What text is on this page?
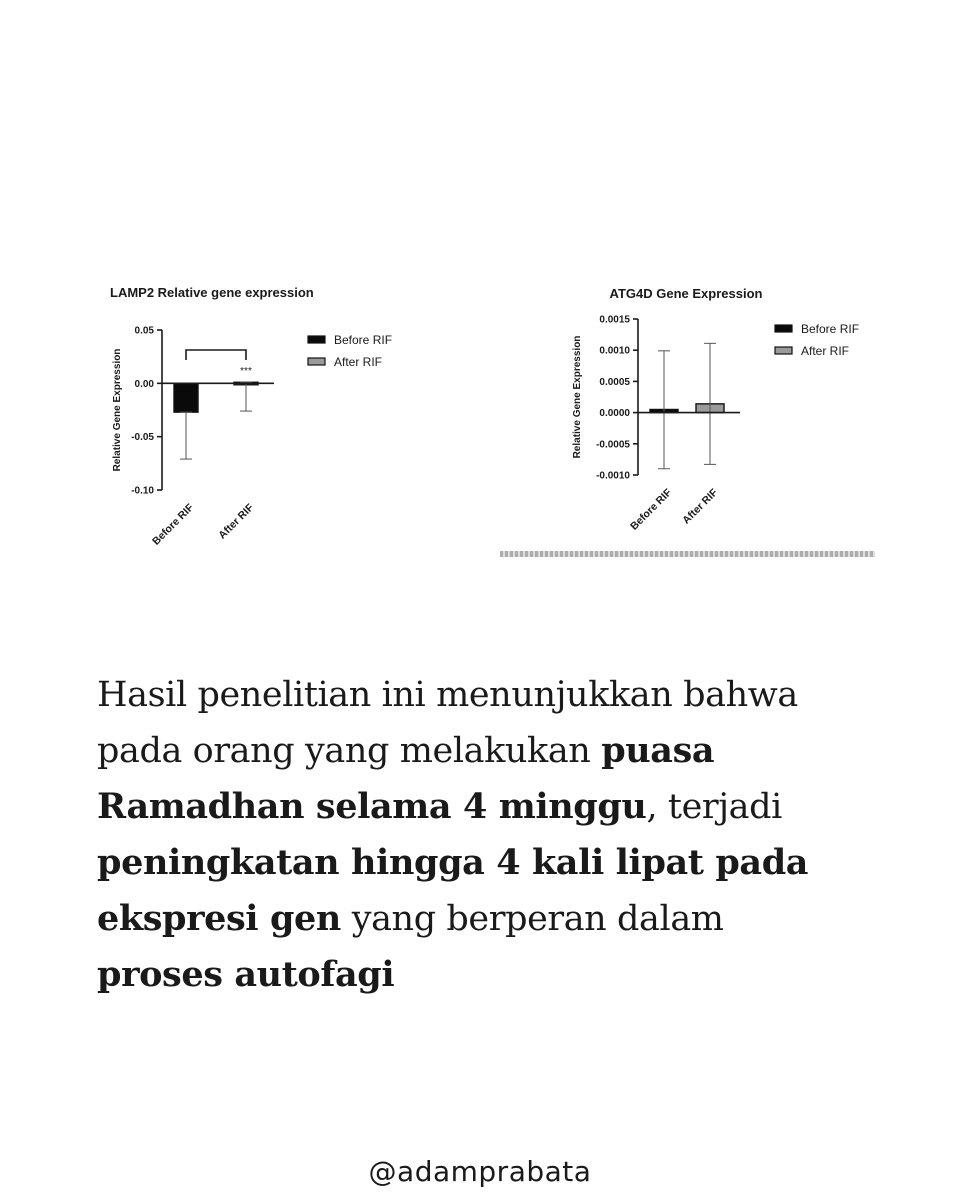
LAMP2 Relative gene expression
Relative Gene Expression
0.05
0.00
-0.05
-0.10
Before RIF After RIF
Before RIF
After RIF
***
ATG4D Gene Expression
Relative Gene Expression
0.0015
0.0010
0.0005
0.0000
-0.0005
-0.0010
Before RIF After RIF
Before RIF
After RIF
Hasil penelitian ini menunjukkan bahwa
pada orang yang melakukan puasa
Ramadhan selama 4 minggu, terjadi
peningkatan hingga 4 kali lipat pada
ekspresi gen yang berperan dalam
proses autofagi
@adamprabata
